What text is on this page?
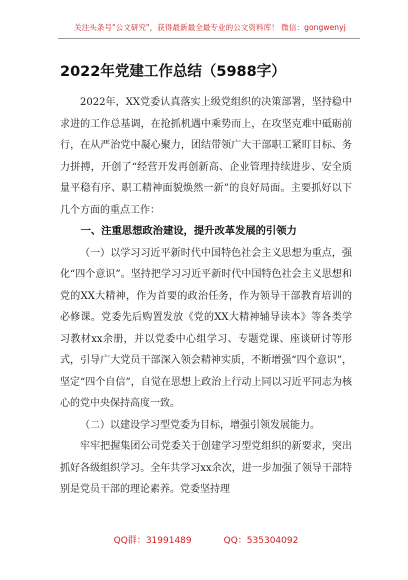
关注头条号"公文研究"，获得最新最全最专业的公文资料库！ 微信：gongwenyj
2022年党建工作总结（5988字）

2022年，XX党委认真落实上级党组织的决策部署，坚持稳中求进的工作总基调，在抢抓机遇中乘势而上，在攻坚克难中砥砺前行，在从严治党中凝心聚力，团结带领广大干部职工紧盯目标、务力拼搏，开创了“经营开发再创新高、企业管理持续进步、安全质量平稳有序、职工精神面貌焕然一新”的良好局面。主要抓好以下几个方面的重点工作：

一、注重思想政治建设，提升改革发展的引领力

（一）以学习习近平新时代中国特色社会主义思想为重点，强化“四个意识”。坚持把学习习近平新时代中国特色社会主义思想和党的XX大精神，作为首要的政治任务，作为领导干部教育培训的必修课。党委先后购置发放《党的XX大精神辅导读本》等各类学习教材xx余册，并以党委中心组学习、专题党课、座谈研讨等形式，引导广大党员干部深入领会精神实质，不断增强“四个意识”，坚定“四个自信”，自觉在思想上政治上行动上同以习近平同志为核心的党中央保持高度一致。

（二）以建设学习型党委为目标，增强引领发展能力。

牢牢把握集团公司党委关于创建学习型党组织的新要求，突出抓好各级组织学习。全年共学习xx余次，进一步加强了领导干部特别是党员干部的理论素养。党委坚持理

QQ群：31991489	QQ：535304092
